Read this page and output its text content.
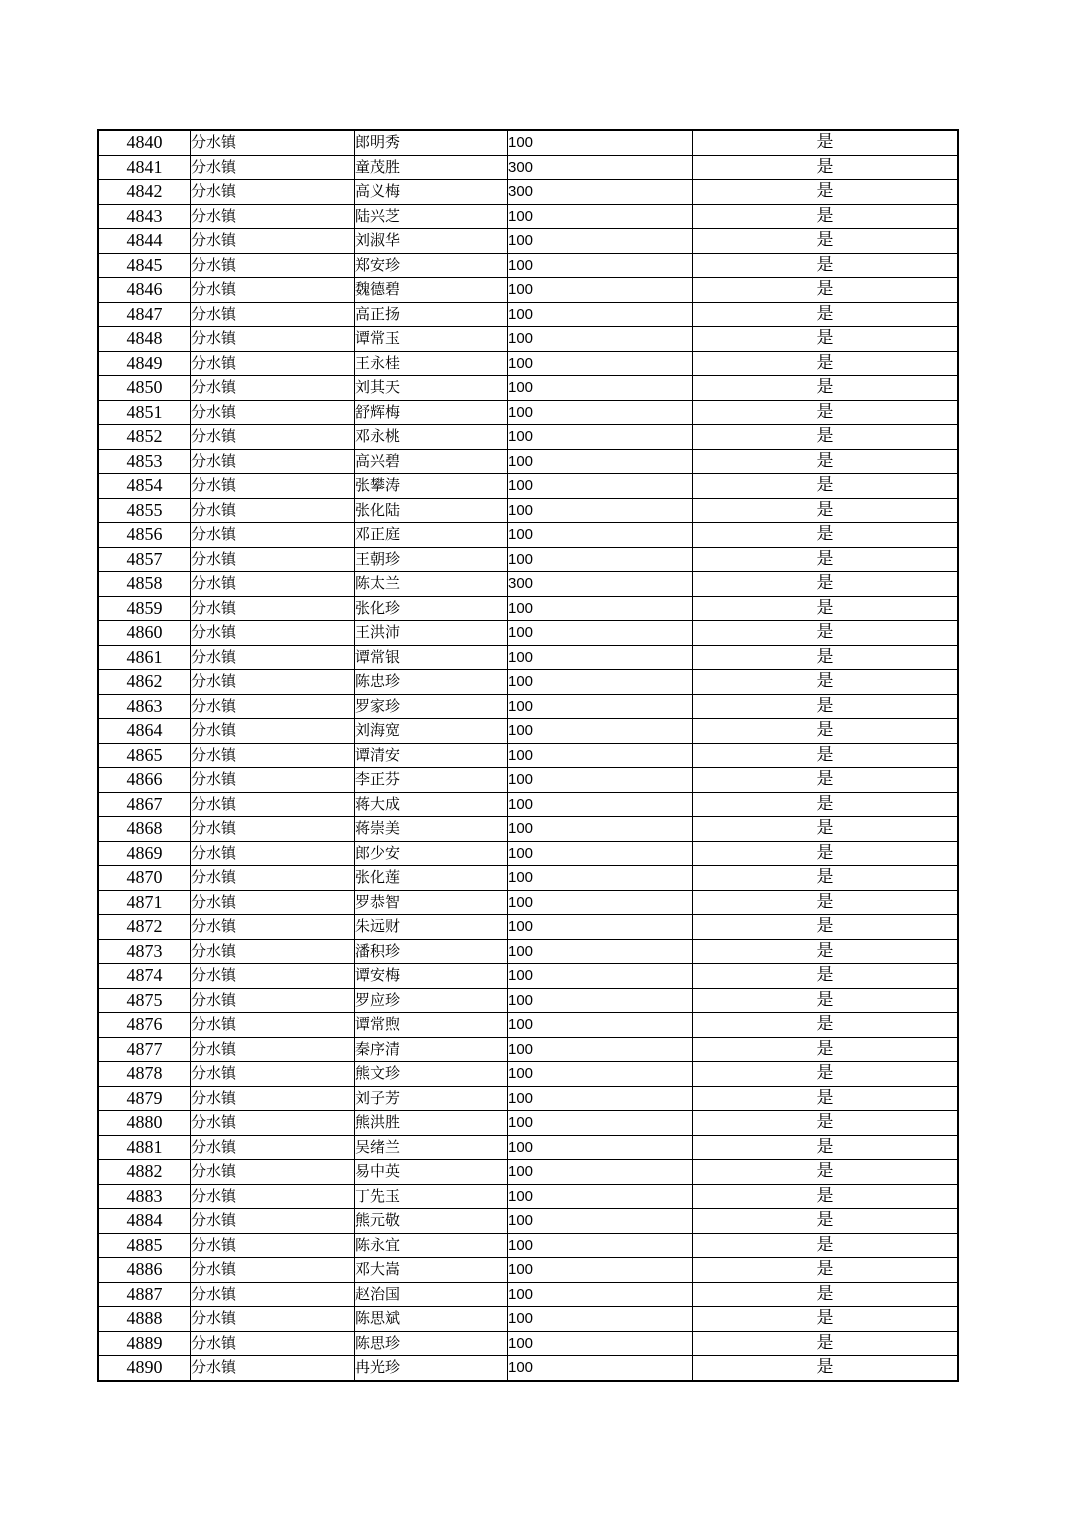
4840	分水镇	郎明秀	100	是
4841	分水镇	童茂胜	300	是
4842	分水镇	高义梅	300	是
4843	分水镇	陆兴芝	100	是
4844	分水镇	刘淑华	100	是
4845	分水镇	郑安珍	100	是
4846	分水镇	魏德碧	100	是
4847	分水镇	高正扬	100	是
4848	分水镇	谭常玉	100	是
4849	分水镇	王永桂	100	是
4850	分水镇	刘其天	100	是
4851	分水镇	舒辉梅	100	是
4852	分水镇	邓永桃	100	是
4853	分水镇	高兴碧	100	是
4854	分水镇	张攀涛	100	是
4855	分水镇	张化陆	100	是
4856	分水镇	邓正庭	100	是
4857	分水镇	王朝珍	100	是
4858	分水镇	陈太兰	300	是
4859	分水镇	张化珍	100	是
4860	分水镇	王洪沛	100	是
4861	分水镇	谭常银	100	是
4862	分水镇	陈忠珍	100	是
4863	分水镇	罗家珍	100	是
4864	分水镇	刘海宽	100	是
4865	分水镇	谭清安	100	是
4866	分水镇	李正芬	100	是
4867	分水镇	蒋大成	100	是
4868	分水镇	蒋崇美	100	是
4869	分水镇	郎少安	100	是
4870	分水镇	张化莲	100	是
4871	分水镇	罗恭智	100	是
4872	分水镇	朱远财	100	是
4873	分水镇	潘积珍	100	是
4874	分水镇	谭安梅	100	是
4875	分水镇	罗应珍	100	是
4876	分水镇	谭常煦	100	是
4877	分水镇	秦序清	100	是
4878	分水镇	熊文珍	100	是
4879	分水镇	刘子芳	100	是
4880	分水镇	熊洪胜	100	是
4881	分水镇	吴绪兰	100	是
4882	分水镇	易中英	100	是
4883	分水镇	丁先玉	100	是
4884	分水镇	熊元敬	100	是
4885	分水镇	陈永宜	100	是
4886	分水镇	邓大嵩	100	是
4887	分水镇	赵治国	100	是
4888	分水镇	陈思斌	100	是
4889	分水镇	陈思珍	100	是
4890	分水镇	冉光珍	100	是
